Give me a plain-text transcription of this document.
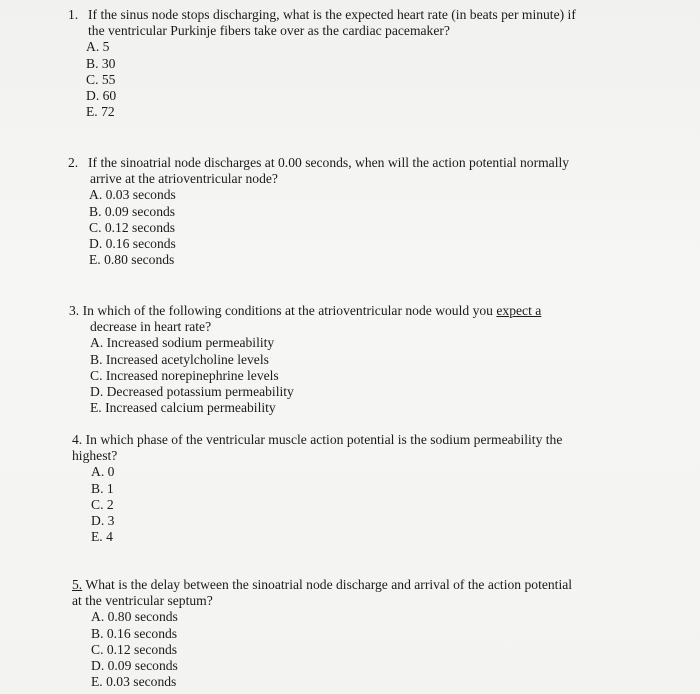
1. If the sinus node stops discharging, what is the expected heart rate (in beats per minute) if
the ventricular Purkinje fibers take over as the cardiac pacemaker?
A. 5
B. 30
C. 55
D. 60
E. 72
2. If the sinoatrial node discharges at 0.00 seconds, when will the action potential normally
arrive at the atrioventricular node?
A. 0.03 seconds
B. 0.09 seconds
C. 0.12 seconds
D. 0.16 seconds
E. 0.80 seconds
3. In which of the following conditions at the atrioventricular node would you expect a
decrease in heart rate?
A. Increased sodium permeability
B. Increased acetylcholine levels
C. Increased norepinephrine levels
D. Decreased potassium permeability
E. Increased calcium permeability
4. In which phase of the ventricular muscle action potential is the sodium permeability the
highest?
A. 0
B. 1
C. 2
D. 3
E. 4
5. What is the delay between the sinoatrial node discharge and arrival of the action potential
at the ventricular septum?
A. 0.80 seconds
B. 0.16 seconds
C. 0.12 seconds
D. 0.09 seconds
E. 0.03 seconds
